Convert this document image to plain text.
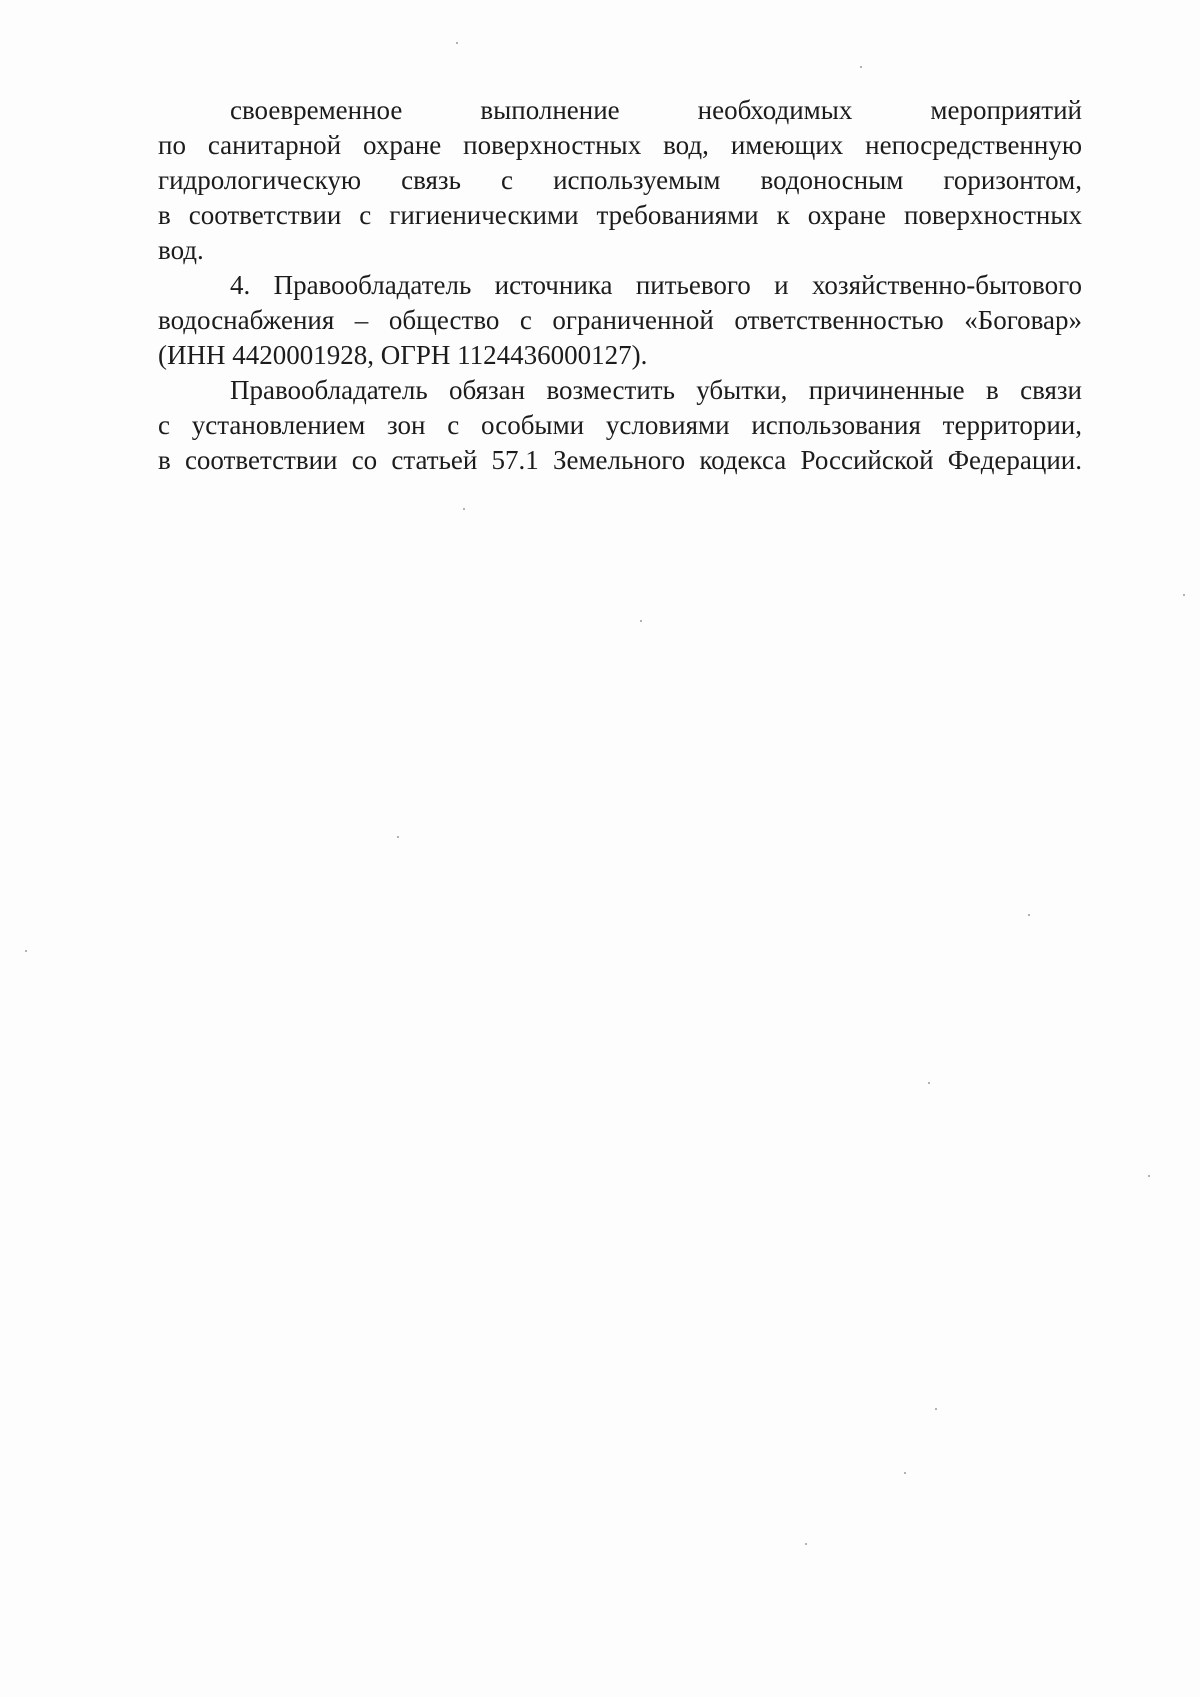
своевременное выполнение необходимых мероприятий
по санитарной охране поверхностных вод, имеющих непосредственную
гидрологическую связь с используемым водоносным горизонтом,
в соответствии с гигиеническими требованиями к охране поверхностных
вод.

4. Правообладатель источника питьевого и хозяйственно-бытового
водоснабжения – общество с ограниченной ответственностью «Боговар»
(ИНН 4420001928, ОГРН 1124436000127).

Правообладатель обязан возместить убытки, причиненные в связи
с установлением зон с особыми условиями использования территории,
в соответствии со статьей 57.1 Земельного кодекса Российской Федерации.
